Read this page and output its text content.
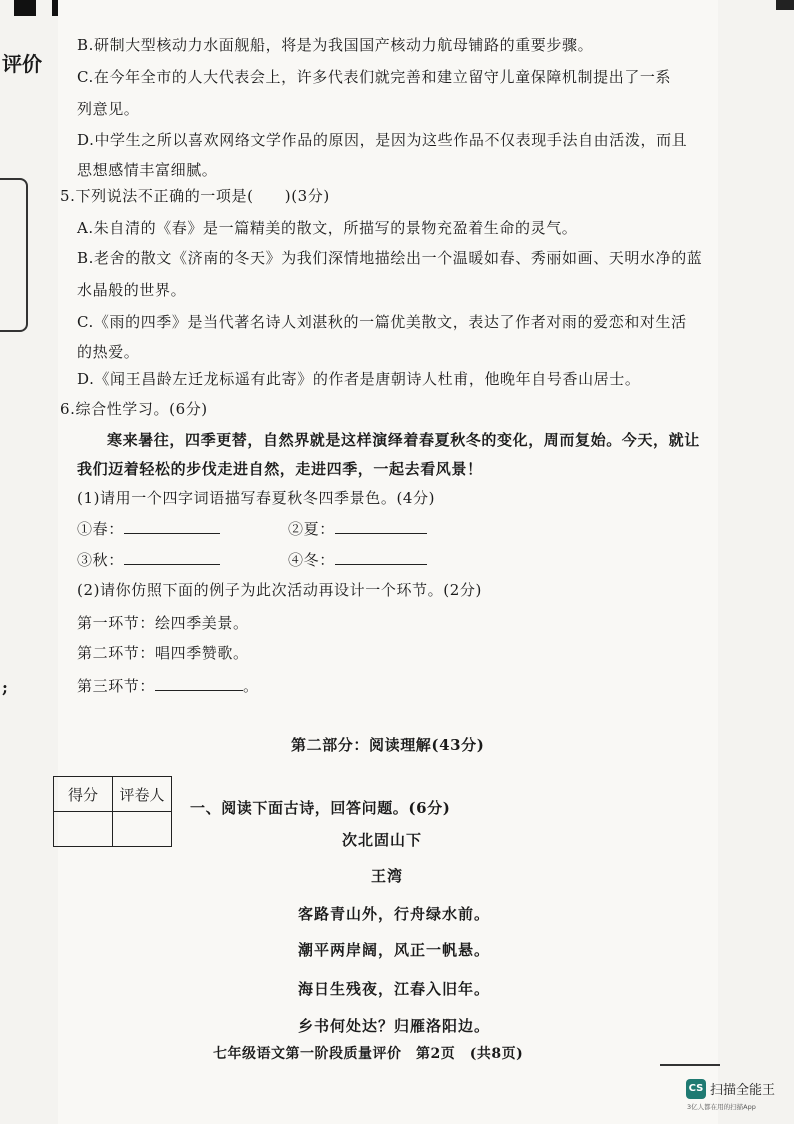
评价
;
B.研制大型核动力水面舰船，将是为我国国产核动力航母铺路的重要步骤。
C.在今年全市的人大代表会上，许多代表们就完善和建立留守儿童保障机制提出了一系
列意见。
D.中学生之所以喜欢网络文学作品的原因，是因为这些作品不仅表现手法自由活泼，而且
思想感情丰富细腻。
5.下列说法不正确的一项是(　　)(3分)
A.朱自清的《春》是一篇精美的散文，所描写的景物充盈着生命的灵气。
B.老舍的散文《济南的冬天》为我们深情地描绘出一个温暖如春、秀丽如画、天明水净的蓝
水晶般的世界。
C.《雨的四季》是当代著名诗人刘湛秋的一篇优美散文，表达了作者对雨的爱恋和对生活
的热爱。
D.《闻王昌龄左迁龙标遥有此寄》的作者是唐朝诗人杜甫，他晚年自号香山居士。
6.综合性学习。(6分)
寒来暑往，四季更替，自然界就是这样演绎着春夏秋冬的变化，周而复始。今天，就让
我们迈着轻松的步伐走进自然，走进四季，一起去看风景！
(1)请用一个四字词语描写春夏秋冬四季景色。(4分)
①春：	②夏：
③秋：	④冬：
(2)请你仿照下面的例子为此次活动再设计一个环节。(2分)
第一环节：绘四季美景。
第二环节：唱四季赞歌。
第三环节：	。
第二部分：阅读理解(43分)
得分	评卷人

一、阅读下面古诗，回答问题。(6分)
次北固山下
王湾
客路青山外，行舟绿水前。
潮平两岸阔，风正一帆悬。
海日生残夜，江春入旧年。
乡书何处达？归雁洛阳边。
七年级语文第一阶段质量评价　第2页　(共8页)
CS 扫描全能王
3亿人都在用的扫描App
